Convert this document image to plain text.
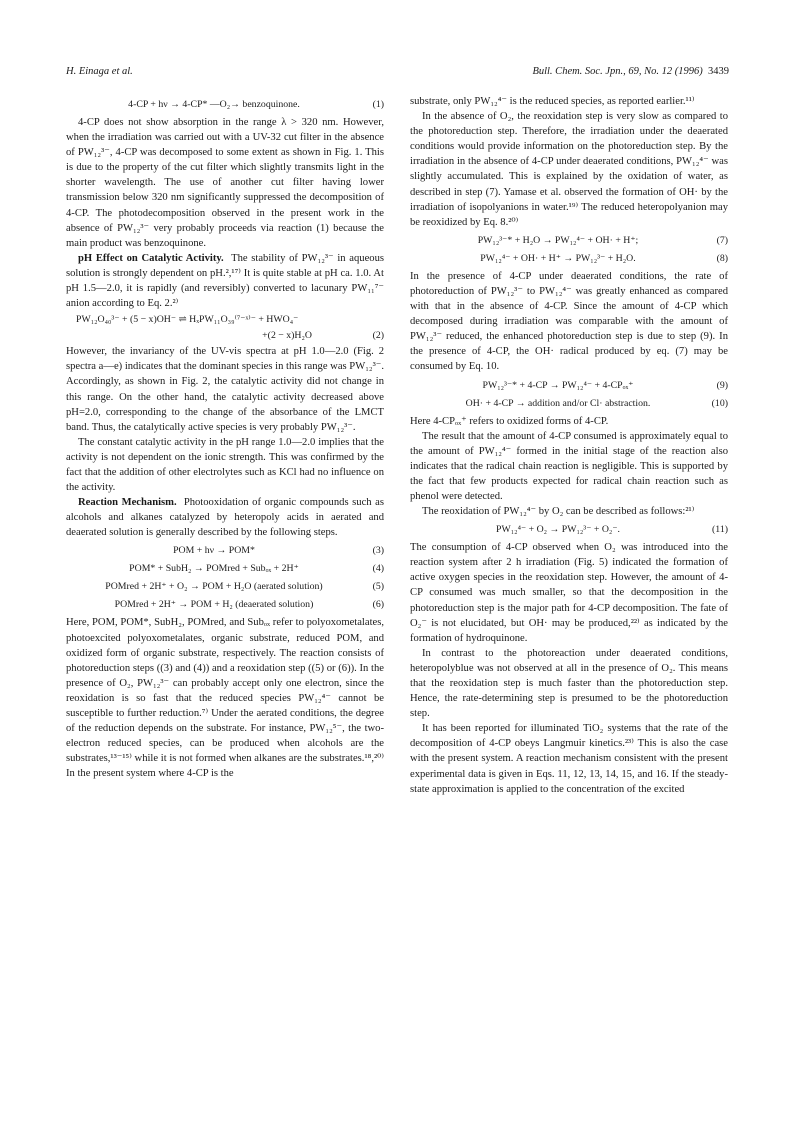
H. Einaga et al.	Bull. Chem. Soc. Jpn., 69, No. 12 (1996) 3439
4-CP + hν → 4-CP* —O₂→ benzoquinone.	(1)

4-CP does not show absorption in the range λ > 320 nm. However, when the irradiation was carried out with a UV-32 cut filter in the absence of PW₁₂³⁻, 4-CP was decomposed to some extent as shown in Fig. 1. This is due to the property of the cut filter which slightly transmits light in the shorter wavelength. The use of another cut filter having lower transmission below 320 nm significantly suppressed the decomposition of 4-CP. The photodecomposition observed in the present work in the absence of PW₁₂³⁻ very probably proceeds via reaction (1) because the main product was benzoquinone.

pH Effect on Catalytic Activity. The stability of PW₁₂³⁻ in aqueous solution is strongly dependent on pH.²,¹⁷⁾ It is quite stable at pH ca. 1.0. At pH 1.5—2.0, it is rapidly (and reversibly) converted to lacunary PW₁₁⁷⁻ anion according to Eq. 2.²⁾

PW₁₂O₄₀³⁻ + (5 − x)OH⁻ ⇌ HₓPW₁₁O₃₉⁽⁷⁻ˣ⁾⁻ + HWO₄⁻
+(2 − x)H₂O	(2)

However, the invariancy of the UV-vis spectra at pH 1.0—2.0 (Fig. 2 spectra a—e) indicates that the dominant species in this range was PW₁₂³⁻. Accordingly, as shown in Fig. 2, the catalytic activity did not change in this range. On the other hand, the catalytic activity decreased above pH=2.0, corresponding to the change of the absorbance of the LMCT band. Thus, the catalytically active species is very probably PW₁₂³⁻.

The constant catalytic activity in the pH range 1.0—2.0 implies that the activity is not dependent on the ionic strength. This was confirmed by the fact that the addition of other electrolytes such as KCl had no influence on the activity.

Reaction Mechanism. Photooxidation of organic compounds such as alcohols and alkanes catalyzed by heteropoly acids in aerated and deaerated solution is generally described by the following steps.

POM + hν → POM*	(3)
POM* + SubH₂ → POMred + Subₒₓ + 2H⁺	(4)
POMred + 2H⁺ + O₂ → POM + H₂O (aerated solution)	(5)
POMred + 2H⁺ → POM + H₂ (deaerated solution)	(6)

Here, POM, POM*, SubH₂, POMred, and Subₒₓ refer to polyoxometalates, photoexcited polyoxometalates, organic substrate, reduced POM, and oxidized form of organic substrate, respectively. The reaction consists of photoreduction steps ((3) and (4)) and a reoxidation step ((5) or (6)). In the presence of O₂, PW₁₂³⁻ can probably accept only one electron, since the reoxidation is so fast that the reduced species PW₁₂⁴⁻ cannot be susceptible to further reduction.⁷⁾ Under the aerated conditions, the degree of the reduction depends on the substrate. For instance, PW₁₂⁵⁻, the two-electron reduced species, can be produced when alcohols are the substrates,¹³⁻¹⁵⁾ while it is not formed when alkanes are the substrates.¹⁸,²⁰⁾ In the present system where 4-CP is the

substrate, only PW₁₂⁴⁻ is the reduced species, as reported earlier.¹¹⁾

In the absence of O₂, the reoxidation step is very slow as compared to the photoreduction step. Therefore, the irradiation under the deaerated conditions would provide information on the photoreduction step. By the irradiation in the absence of 4-CP under deaerated conditions, PW₁₂⁴⁻ was slightly accumulated. This is explained by the oxidation of water, as described in step (7). Yamase et al. observed the formation of OH· by the irradiation of isopolyanions in water.¹⁹⁾ The reduced heteropolyanion may be reoxidized by Eq. 8.²⁰⁾

PW₁₂³⁻* + H₂O → PW₁₂⁴⁻ + OH· + H⁺;	(7)
PW₁₂⁴⁻ + OH· + H⁺ → PW₁₂³⁻ + H₂O.	(8)

In the presence of 4-CP under deaerated conditions, the rate of photoreduction of PW₁₂³⁻ to PW₁₂⁴⁻ was greatly enhanced as compared with that in the absence of 4-CP. Since the amount of 4-CP which decomposed during irradiation was comparable with the amount of PW₁₂³⁻ reduced, the enhanced photoreduction step is due to step (9). In the presence of 4-CP, the OH· radical produced by eq. (7) may be consumed by Eq. 10.

PW₁₂³⁻* + 4-CP → PW₁₂⁴⁻ + 4-CPₒₓ⁺	(9)
OH· + 4-CP → addition and/or Cl· abstraction.	(10)

Here 4-CPₒₓ⁺ refers to oxidized forms of 4-CP.

The result that the amount of 4-CP consumed is approximately equal to the amount of PW₁₂⁴⁻ formed in the initial stage of the reaction also indicates that the radical chain reaction is negligible. This is supported by the fact that few products expected for radical chain reaction such as phenol were detected.

The reoxidation of PW₁₂⁴⁻ by O₂ can be described as follows:²¹⁾

PW₁₂⁴⁻ + O₂ → PW₁₂³⁻ + O₂⁻.	(11)

The consumption of 4-CP observed when O₂ was introduced into the reaction system after 2 h irradiation (Fig. 5) indicated the formation of active oxygen species in the reoxidation step. However, the amount of 4-CP consumed was much smaller, so that the decomposition in the photoreduction step is the major path for 4-CP decomposition. The fate of O₂⁻ is not elucidated, but OH· may be produced,²²⁾ as indicated by the formation of hydroquinone.

In contrast to the photoreaction under deaerated conditions, heteropolyblue was not observed at all in the presence of O₂. This means that the reoxidation step is much faster than the photoreduction step. Hence, the rate-determining step is presumed to be the photoreduction step.

It has been reported for illuminated TiO₂ systems that the rate of the decomposition of 4-CP obeys Langmuir kinetics.²³⁾ This is also the case with the present system. A reaction mechanism consistent with the present experimental data is given in Eqs. 11, 12, 13, 14, 15, and 16. If the steady-state approximation is applied to the concentration of the excited
